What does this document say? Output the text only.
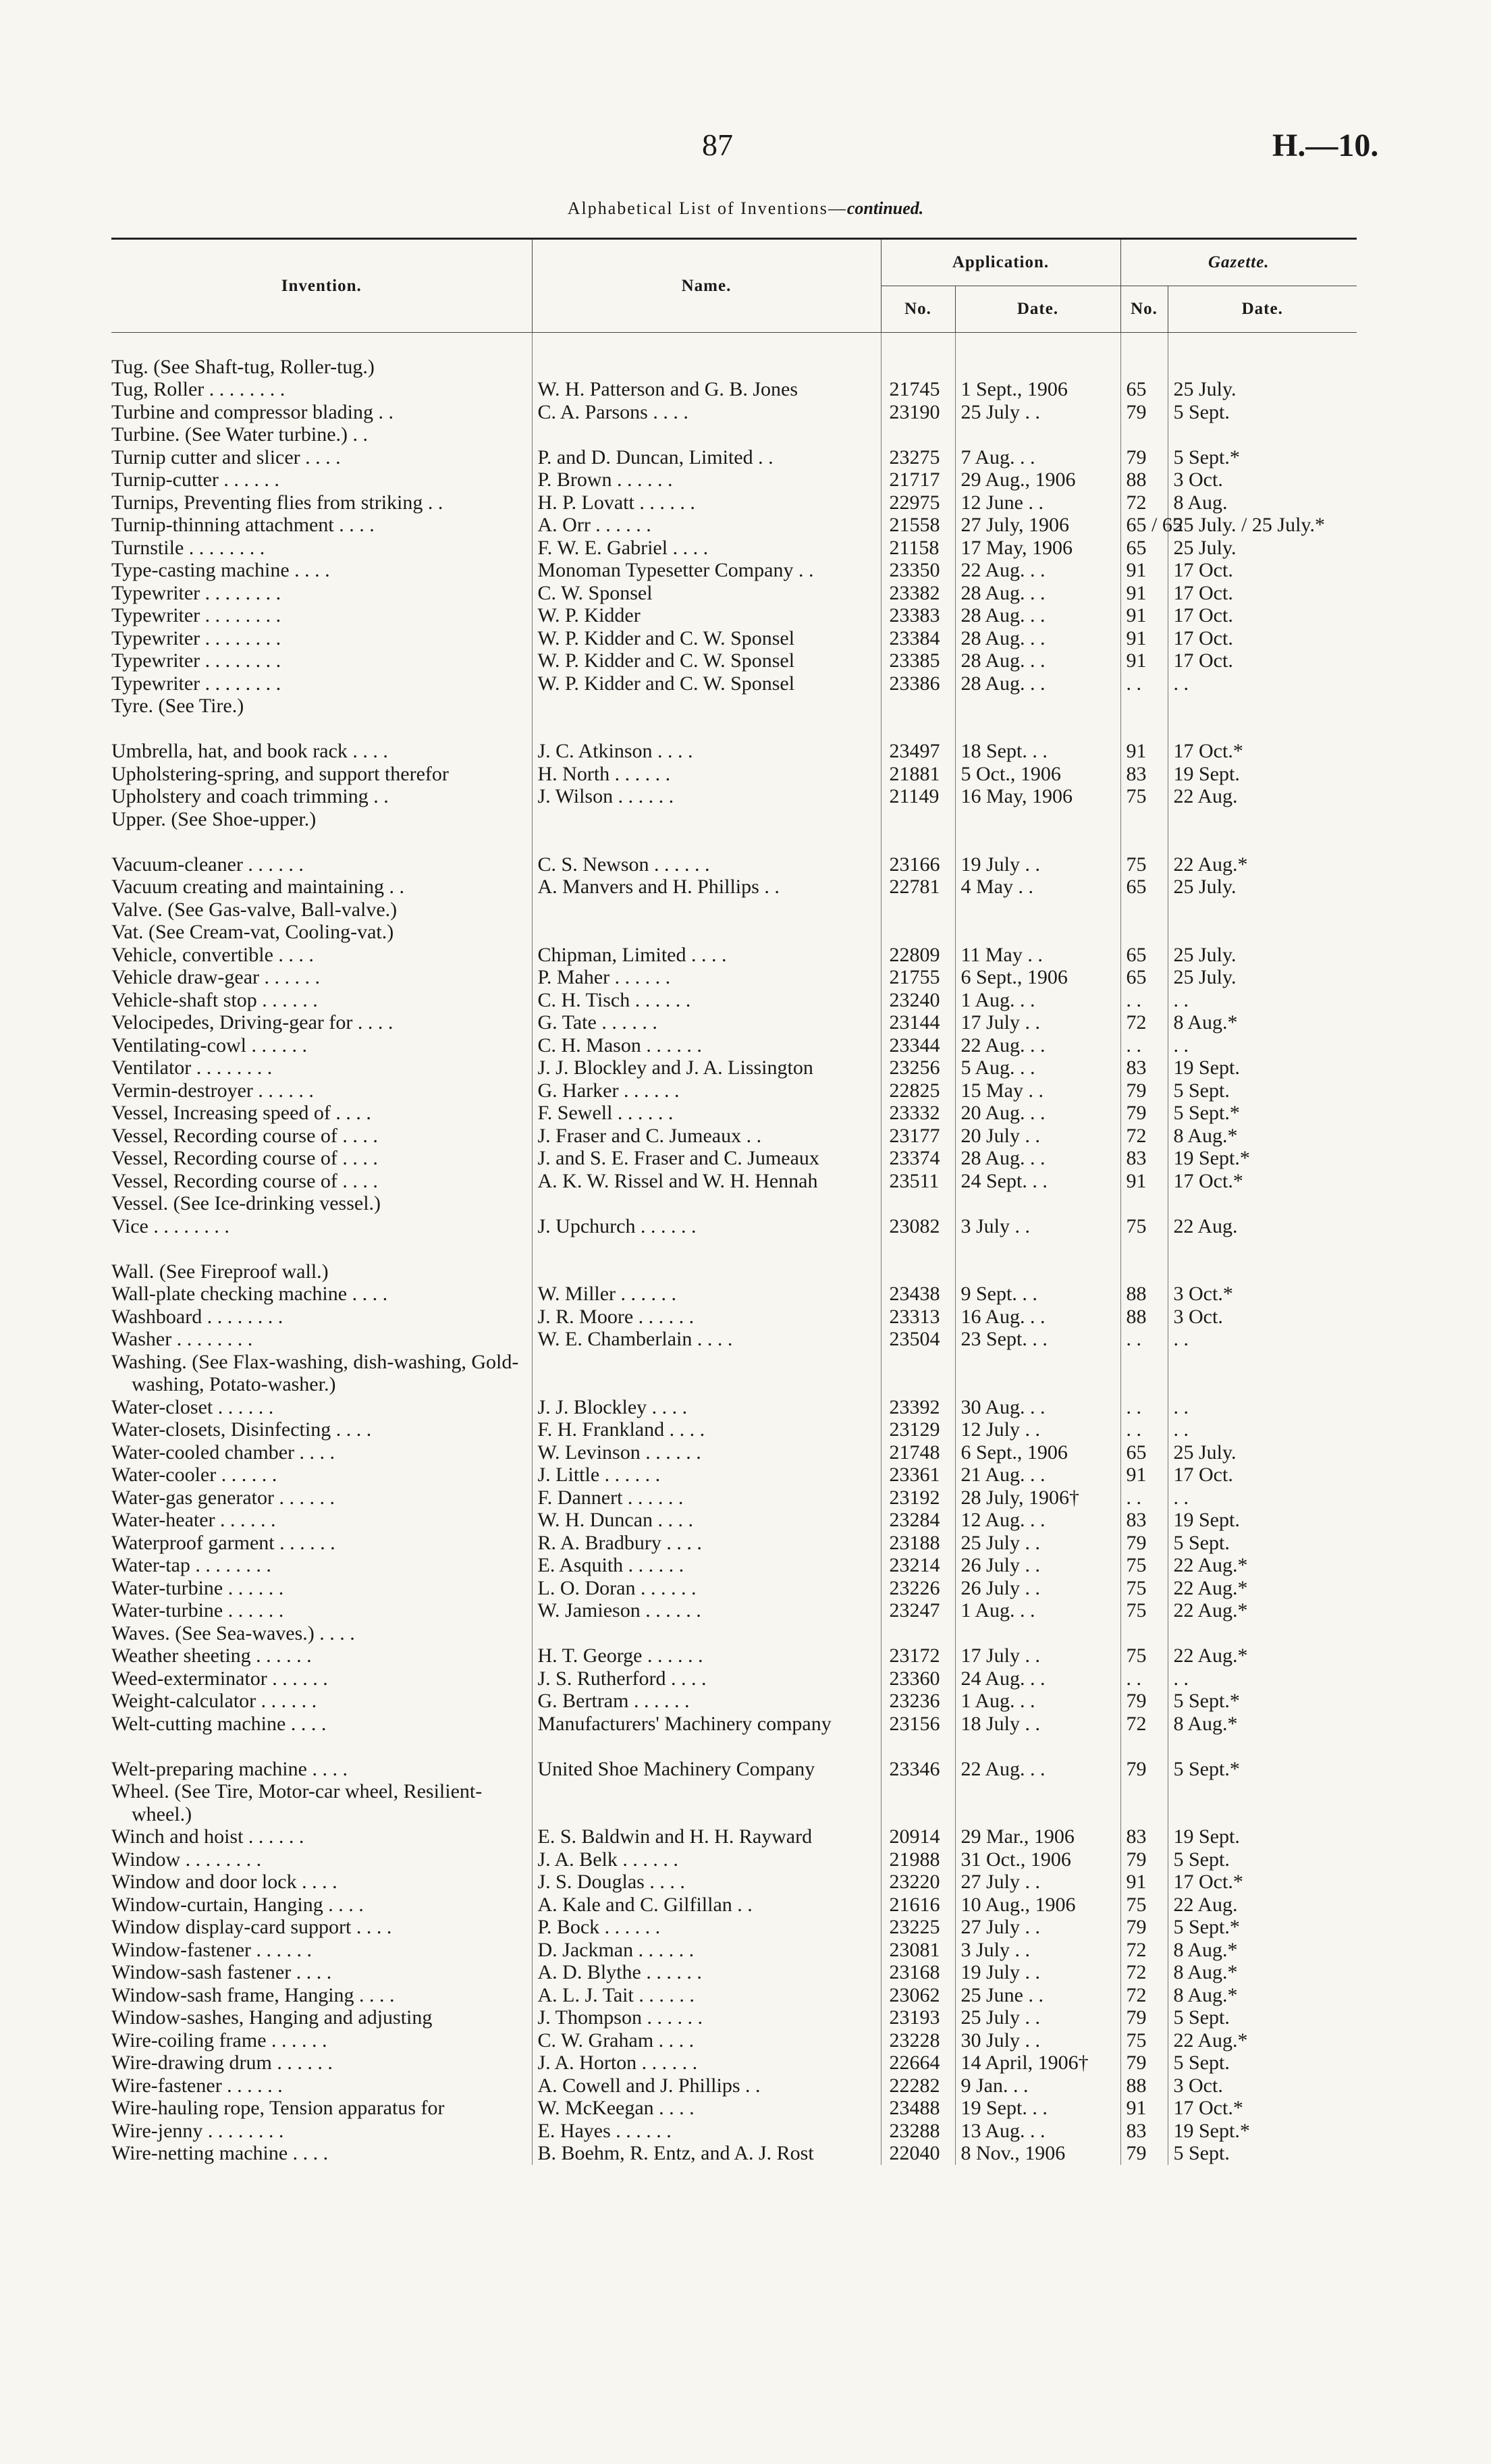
87	H.—10.
Alphabetical List of Inventions—continued.
Invention.	Name.	Application.		Gazette.	
		No.	Date.	No.	Date.

Tug. (See Shaft-tug, Roller-tug.)					
Tug, Roller . . . . . . . .	W. H. Patterson and G. B. Jones	21745	1 Sept., 1906	65	25 July.
Turbine and compressor blading . .	C. A. Parsons . . . .	23190	25 July . .	79	5 Sept.
Turbine. (See Water turbine.) . .					
Turnip cutter and slicer . . . .	P. and D. Duncan, Limited . .	23275	7 Aug. . .	79	5 Sept.*
Turnip-cutter . . . . . .	P. Brown . . . . . .	21717	29 Aug., 1906	88	3 Oct.
Turnips, Preventing flies from striking . .	H. P. Lovatt . . . . . .	22975	12 June . .	72	8 Aug.
Turnip-thinning attachment . . . .	A. Orr . . . . . .	21558	27 July, 1906	65 / 65	25 July. / 25 July.*
Turnstile . . . . . . . .	F. W. E. Gabriel . . . .	21158	17 May, 1906	65	25 July.
Type-casting machine . . . .	Monoman Typesetter Company . .	23350	22 Aug. . .	91	17 Oct.
Typewriter . . . . . . . .	C. W. Sponsel	23382	28 Aug. . .	91	17 Oct.
Typewriter . . . . . . . .	W. P. Kidder	23383	28 Aug. . .	91	17 Oct.
Typewriter . . . . . . . .	W. P. Kidder and C. W. Sponsel	23384	28 Aug. . .	91	17 Oct.
Typewriter . . . . . . . .	W. P. Kidder and C. W. Sponsel	23385	28 Aug. . .	91	17 Oct.
Typewriter . . . . . . . .	W. P. Kidder and C. W. Sponsel	23386	28 Aug. . .	. .	. .
Tyre. (See Tire.)					

Umbrella, hat, and book rack . . . .	J. C. Atkinson . . . .	23497	18 Sept. . .	91	17 Oct.*
Upholstering-spring, and support therefor	H. North . . . . . .	21881	5 Oct., 1906	83	19 Sept.
Upholstery and coach trimming . .	J. Wilson . . . . . .	21149	16 May, 1906	75	22 Aug.
Upper. (See Shoe-upper.)					

Vacuum-cleaner . . . . . .	C. S. Newson . . . . . .	23166	19 July . .	75	22 Aug.*
Vacuum creating and maintaining . .	A. Manvers and H. Phillips . .	22781	4 May . .	65	25 July.
Valve. (See Gas-valve, Ball-valve.)					
Vat. (See Cream-vat, Cooling-vat.)					
Vehicle, convertible . . . .	Chipman, Limited . . . .	22809	11 May . .	65	25 July.
Vehicle draw-gear . . . . . .	P. Maher . . . . . .	21755	6 Sept., 1906	65	25 July.
Vehicle-shaft stop . . . . . .	C. H. Tisch . . . . . .	23240	1 Aug. . .	. .	. .
Velocipedes, Driving-gear for . . . .	G. Tate . . . . . .	23144	17 July . .	72	8 Aug.*
Ventilating-cowl . . . . . .	C. H. Mason . . . . . .	23344	22 Aug. . .	. .	. .
Ventilator . . . . . . . .	J. J. Blockley and J. A. Lissington	23256	5 Aug. . .	83	19 Sept.
Vermin-destroyer . . . . . .	G. Harker . . . . . .	22825	15 May . .	79	5 Sept.
Vessel, Increasing speed of . . . .	F. Sewell . . . . . .	23332	20 Aug. . .	79	5 Sept.*
Vessel, Recording course of . . . .	J. Fraser and C. Jumeaux . .	23177	20 July . .	72	8 Aug.*
Vessel, Recording course of . . . .	J. and S. E. Fraser and C. Jumeaux	23374	28 Aug. . .	83	19 Sept.*
Vessel, Recording course of . . . .	A. K. W. Rissel and W. H. Hennah	23511	24 Sept. . .	91	17 Oct.*
Vessel. (See Ice-drinking vessel.)					
Vice . . . . . . . .	J. Upchurch . . . . . .	23082	3 July . .	75	22 Aug.

Wall. (See Fireproof wall.)					
Wall-plate checking machine . . . .	W. Miller . . . . . .	23438	9 Sept. . .	88	3 Oct.*
Washboard . . . . . . . .	J. R. Moore . . . . . .	23313	16 Aug. . .	88	3 Oct.
Washer . . . . . . . .	W. E. Chamberlain . . . .	23504	23 Sept. . .	. .	. .

Washing. (See Flax-washing, dish-washing, Gold-washing, Potato-washer.)					

Water-closet . . . . . .	J. J. Blockley . . . .	23392	30 Aug. . .	. .	. .
Water-closets, Disinfecting . . . .	F. H. Frankland . . . .	23129	12 July . .	. .	. .
Water-cooled chamber . . . .	W. Levinson . . . . . .	21748	6 Sept., 1906	65	25 July.
Water-cooler . . . . . .	J. Little . . . . . .	23361	21 Aug. . .	91	17 Oct.
Water-gas generator . . . . . .	F. Dannert . . . . . .	23192	28 July, 1906†	. .	. .
Water-heater . . . . . .	W. H. Duncan . . . .	23284	12 Aug. . .	83	19 Sept.
Waterproof garment . . . . . .	R. A. Bradbury . . . .	23188	25 July . .	79	5 Sept.
Water-tap . . . . . . . .	E. Asquith . . . . . .	23214	26 July . .	75	22 Aug.*
Water-turbine . . . . . .	L. O. Doran . . . . . .	23226	26 July . .	75	22 Aug.*
Water-turbine . . . . . .	W. Jamieson . . . . . .	23247	1 Aug. . .	75	22 Aug.*
Waves. (See Sea-waves.) . . . .					
Weather sheeting . . . . . .	H. T. George . . . . . .	23172	17 July . .	75	22 Aug.*
Weed-exterminator . . . . . .	J. S. Rutherford . . . .	23360	24 Aug. . .	. .	. .
Weight-calculator . . . . . .	G. Bertram . . . . . .	23236	1 Aug. . .	79	5 Sept.*
Welt-cutting machine . . . .	Manufacturers' Machinery company	23156	18 July . .	72	8 Aug.*

Welt-preparing machine . . . .	United Shoe Machinery Company	23346	22 Aug. . .	79	5 Sept.*

Wheel. (See Tire, Motor-car wheel, Resilient-wheel.)					

Winch and hoist . . . . . .	E. S. Baldwin and H. H. Rayward	20914	29 Mar., 1906	83	19 Sept.
Window . . . . . . . .	J. A. Belk . . . . . .	21988	31 Oct., 1906	79	5 Sept.
Window and door lock . . . .	J. S. Douglas . . . .	23220	27 July . .	91	17 Oct.*
Window-curtain, Hanging . . . .	A. Kale and C. Gilfillan . .	21616	10 Aug., 1906	75	22 Aug.
Window display-card support . . . .	P. Bock . . . . . .	23225	27 July . .	79	5 Sept.*
Window-fastener . . . . . .	D. Jackman . . . . . .	23081	3 July . .	72	8 Aug.*
Window-sash fastener . . . .	A. D. Blythe . . . . . .	23168	19 July . .	72	8 Aug.*
Window-sash frame, Hanging . . . .	A. L. J. Tait . . . . . .	23062	25 June . .	72	8 Aug.*
Window-sashes, Hanging and adjusting	J. Thompson . . . . . .	23193	25 July . .	79	5 Sept.
Wire-coiling frame . . . . . .	C. W. Graham . . . .	23228	30 July . .	75	22 Aug.*
Wire-drawing drum . . . . . .	J. A. Horton . . . . . .	22664	14 April, 1906†	79	5 Sept.
Wire-fastener . . . . . .	A. Cowell and J. Phillips . .	22282	9 Jan. . .	88	3 Oct.
Wire-hauling rope, Tension apparatus for	W. McKeegan . . . .	23488	19 Sept. . .	91	17 Oct.*
Wire-jenny . . . . . . . .	E. Hayes . . . . . .	23288	13 Aug. . .	83	19 Sept.*
Wire-netting machine . . . .	B. Boehm, R. Entz, and A. J. Rost	22040	8 Nov., 1906	79	5 Sept.
